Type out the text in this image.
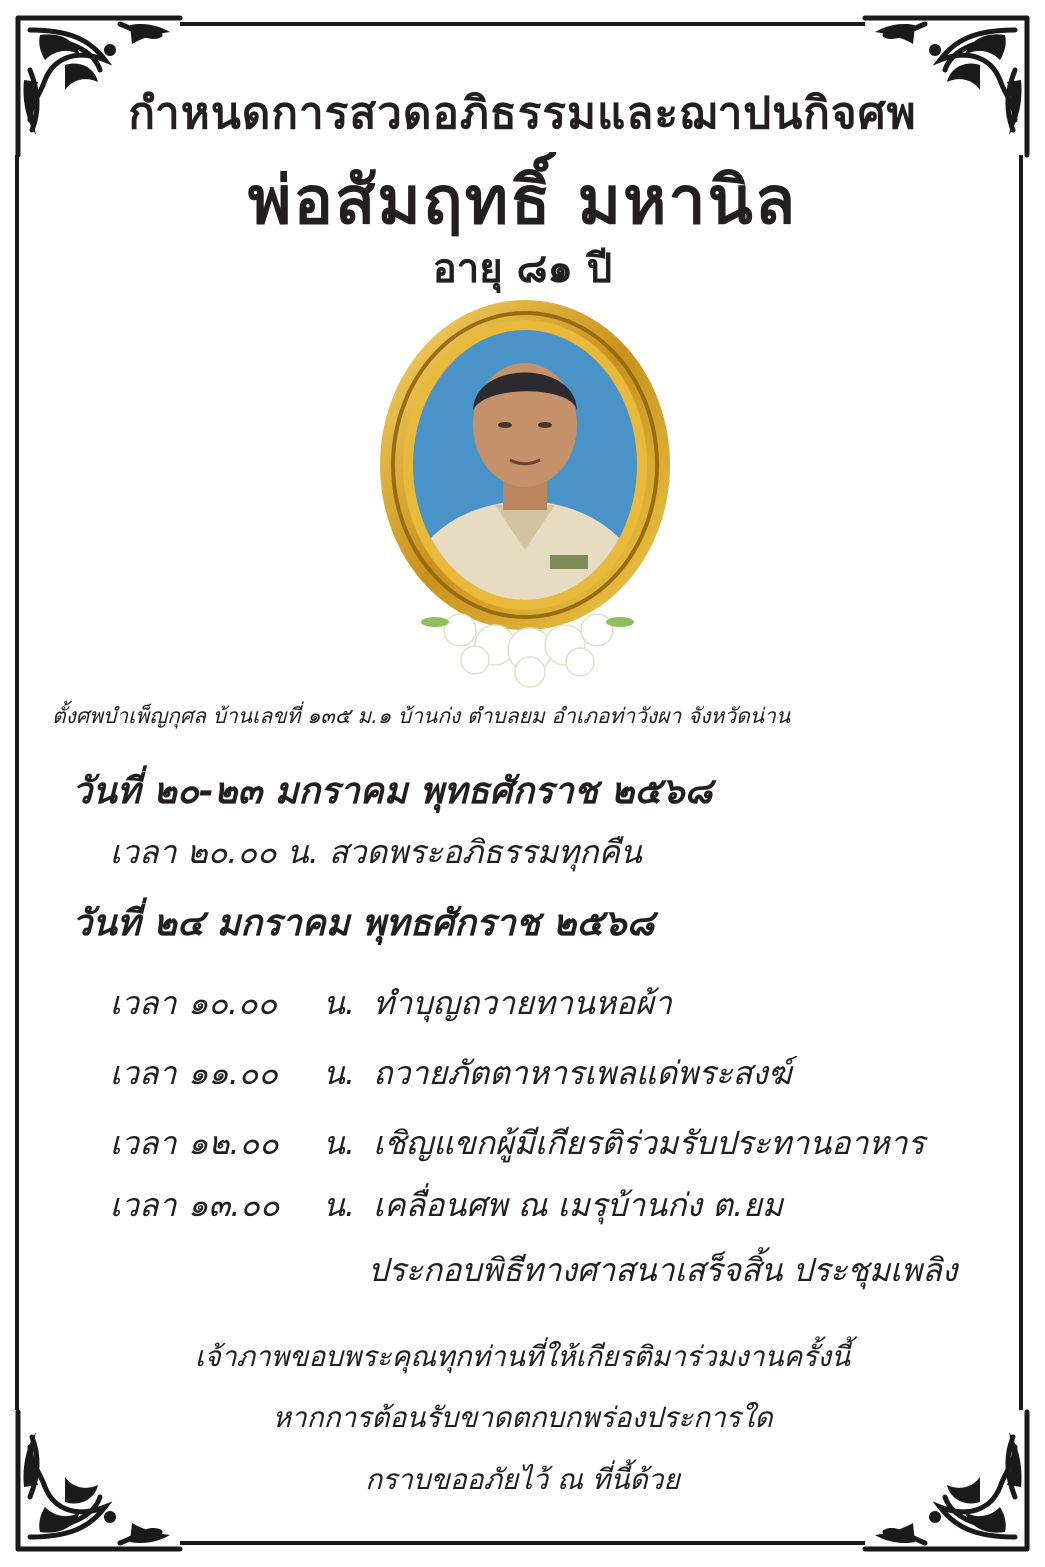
กำหนดการสวดอภิธรรมและฌาปนกิจศพ
พ่อสัมฤทธิ์ มหานิล
อายุ ๘๑ ปี
ตั้งศพบำเพ็ญกุศล บ้านเลขที่ ๑๓๕ ม.๑ บ้านก่ง ตำบลยม อำเภอท่าวังผา จังหวัดน่าน
วันที่ ๒๐-๒๓ มกราคม พุทธศักราช ๒๕๖๘
เวลา ๒๐.๐๐ น. สวดพระอภิธรรมทุกคืน
วันที่ ๒๔ มกราคม พุทธศักราช ๒๕๖๘
เวลา ๑๐.๐๐ น. ทำบุญถวายทานหอผ้า
เวลา ๑๑.๐๐ น. ถวายภัตตาหารเพลแด่พระสงฆ์
เวลา ๑๒.๐๐ น. เชิญแขกผู้มีเกียรติร่วมรับประทานอาหาร
เวลา ๑๓.๐๐ น. เคลื่อนศพ ณ เมรุบ้านก่ง ต.ยม
ประกอบพิธีทางศาสนาเสร็จสิ้น ประชุมเพลิง
เจ้าภาพขอบพระคุณทุกท่านที่ให้เกียรติมาร่วมงานครั้งนี้
หากการต้อนรับขาดตกบกพร่องประการใด
กราบขออภัยไว้ ณ ที่นี้ด้วย
